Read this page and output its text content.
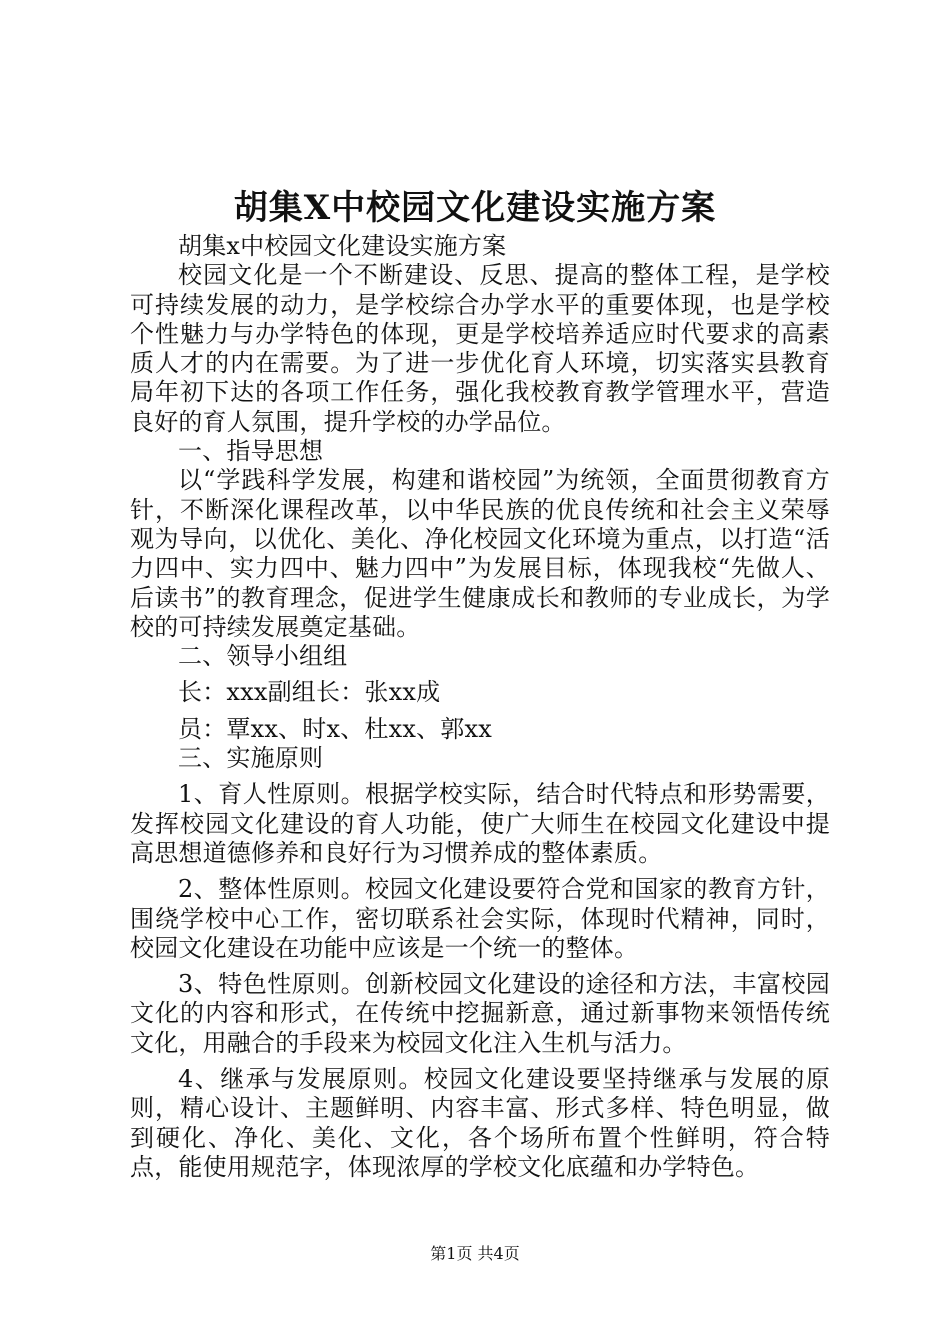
胡集X中校园文化建设实施方案

胡集x中校园文化建设实施方案

校园文化是一个不断建设、反思、提高的整体工程，是学校可持续发展的动力，是学校综合办学水平的重要体现，也是学校个性魅力与办学特色的体现，更是学校培养适应时代要求的高素质人才的内在需要。为了进一步优化育人环境，切实落实县教育局年初下达的各项工作任务，强化我校教育教学管理水平，营造良好的育人氛围，提升学校的办学品位。

一、指导思想

以“学践科学发展，构建和谐校园”为统领，全面贯彻教育方针，不断深化课程改革，以中华民族的优良传统和社会主义荣辱观为导向，以优化、美化、净化校园文化环境为重点，以打造“活力四中、实力四中、魅力四中”为发展目标，体现我校“先做人、后读书”的教育理念，促进学生健康成长和教师的专业成长，为学校的可持续发展奠定基础。

二、领导小组组

长：xxx副组长：张xx成

员：覃xx、时x、杜xx、郭xx

三、实施原则

1、育人性原则。根据学校实际，结合时代特点和形势需要，发挥校园文化建设的育人功能，使广大师生在校园文化建设中提高思想道德修养和良好行为习惯养成的整体素质。

2、整体性原则。校园文化建设要符合党和国家的教育方针，围绕学校中心工作，密切联系社会实际，体现时代精神，同时，校园文化建设在功能中应该是一个统一的整体。

3、特色性原则。创新校园文化建设的途径和方法，丰富校园文化的内容和形式，在传统中挖掘新意，通过新事物来领悟传统文化，用融合的手段来为校园文化注入生机与活力。

4、继承与发展原则。校园文化建设要坚持继承与发展的原则，精心设计、主题鲜明、内容丰富、形式多样、特色明显，做到硬化、净化、美化、文化，各个场所布置个性鲜明，符合特点，能使用规范字，体现浓厚的学校文化底蕴和办学特色。

第1页 共4页
